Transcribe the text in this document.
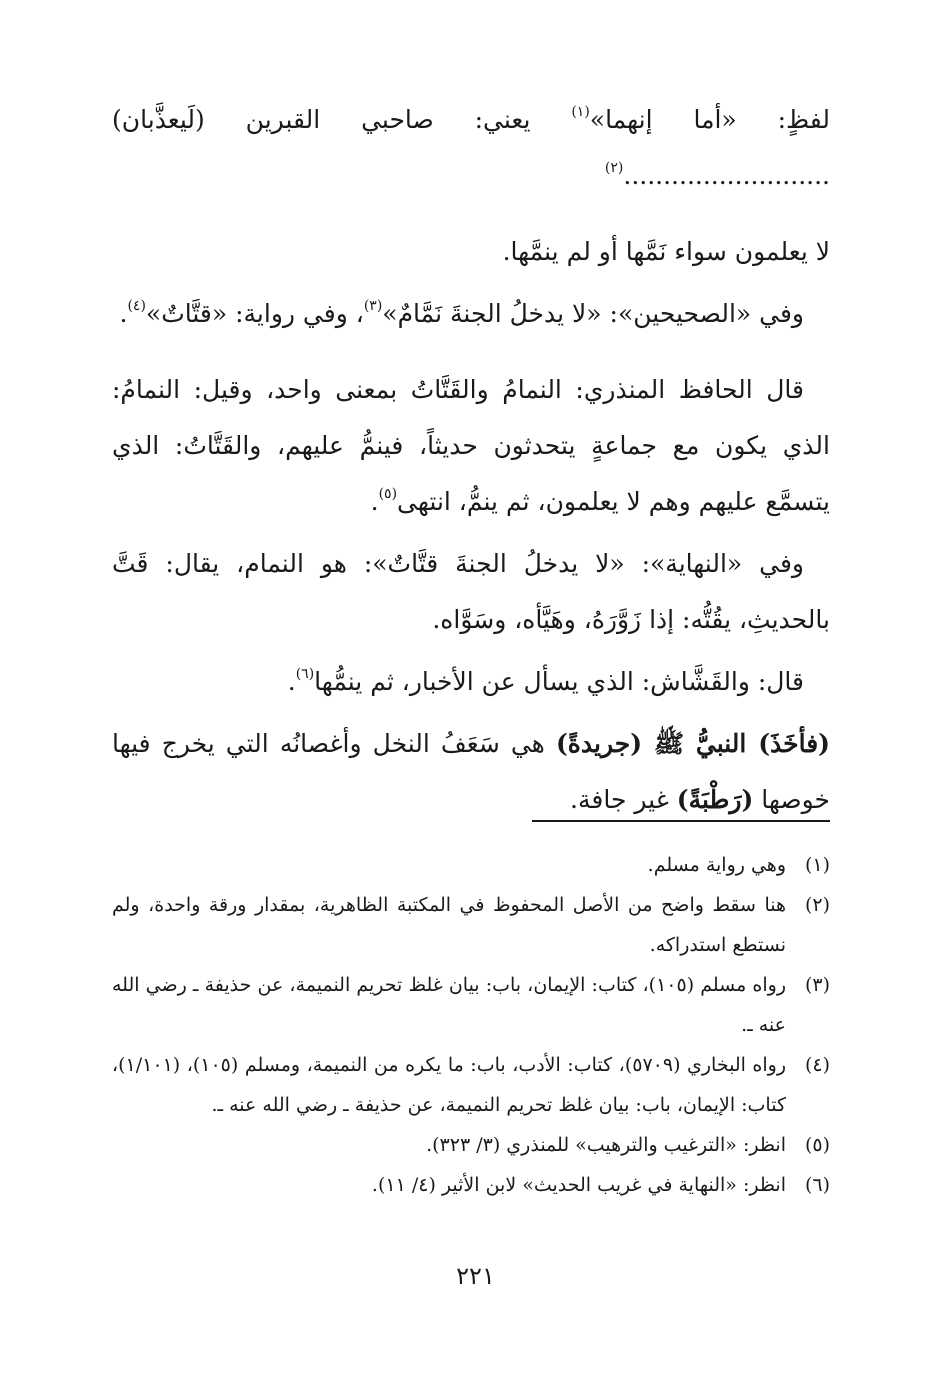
لفظٍ: «أما إنهما»$^{(١)}$ يعني: صاحبي القبرين (لَيعذَّبان) ..........................$^{(٢)}$

لا يعلمون سواء نَمَّها أو لم ينمَّها.

وفي «الصحيحين»: «لا يدخلُ الجنةَ نَمَّامٌ»$^{(٣)}$، وفي رواية: «قتَّاتٌ»$^{(٤)}$.

قال الحافظ المنذري: النمامُ والقَتَّاتُ بمعنى واحد، وقيل: النمامُ: الذي يكون مع جماعةٍ يتحدثون حديثاً، فينمُّ عليهم، والقَتَّاتُ: الذي يتسمَّع عليهم وهم لا يعلمون، ثم ينمُّ، انتهى$^{(٥)}$.

وفي «النهاية»: «لا يدخلُ الجنةَ قتَّاتٌ»: هو النمام، يقال: قَتَّ بالحديثِ، يقُتُّه: إذا زَوَّرَهُ، وهَيَّأه، وسَوَّاه.

قال: والقَشَّاش: الذي يسأل عن الأخبار، ثم ينمُّها$^{(٦)}$.

(فأخَذَ) النبيُّ ﷺ (جريدةً) هي سَعَفُ النخل وأغصانُه التي يخرج فيها خوصها (رَطْبَةً) غير جافة.

(١)
وهي رواية مسلم.
(٢)
هنا سقط واضح من الأصل المحفوظ في المكتبة الظاهرية، بمقدار ورقة واحدة، ولم نستطع استدراكه.
(٣)
رواه مسلم (١٠٥)، كتاب: الإيمان، باب: بيان غلظ تحريم النميمة، عن حذيفة ـ رضي الله عنه ـ.
(٤)
رواه البخاري (٥٧٠٩)، كتاب: الأدب، باب: ما يكره من النميمة، ومسلم (١٠٥)، (١/١٠١)، كتاب: الإيمان، باب: بيان غلظ تحريم النميمة، عن حذيفة ـ رضي الله عنه ـ.
(٥)
انظر: «الترغيب والترهيب» للمنذري (٣/ ٣٢٣).
(٦)
انظر: «النهاية في غريب الحديث» لابن الأثير (٤/ ١١).
٢٢١
